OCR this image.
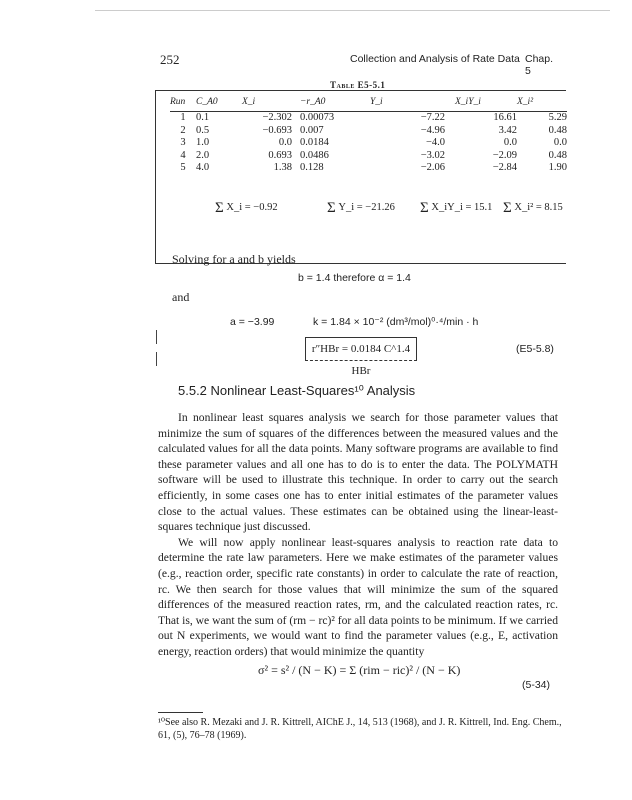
252	Collection and Analysis of Rate Data Chap. 5
Table E5-5.1
Run	C_A0	X_i	−r_A0	Y_i	X_iY_i	X_i²
1	0.1	−2.302	0.00073	−7.22	16.61	5.29
2	0.5	−0.693	0.007	−4.96	3.42	0.48
3	1.0	0.0	0.0184	−4.0	0.0	0.0
4	2.0	0.693	0.0486	−3.02	−2.09	0.48
5	4.0	1.38	0.128	−2.06	−2.84	1.90
Σ X_i = −0.92	Σ Y_i = −21.26 Σ X_iY_i = 15.1 Σ X_i² = 8.15
Solving for a and b yields
b = 1.4 therefore α = 1.4
and
a = −3.99	k = 1.84 × 10⁻² (dm³/mol)⁰·⁴/min · h
r″HBr = 0.0184 C^1.4 HBr
(E5-5.8)
5.5.2 Nonlinear Least-Squares¹⁰ Analysis

In nonlinear least squares analysis we search for those parameter values that minimize the sum of squares of the differences between the measured values and the calculated values for all the data points. Many software programs are available to find these parameter values and all one has to do is to enter the data. The POLYMATH software will be used to illustrate this technique. In order to carry out the search efficiently, in some cases one has to enter initial estimates of the parameter values close to the actual values. These estimates can be obtained using the linear-least-squares technique just discussed.

We will now apply nonlinear least-squares analysis to reaction rate data to determine the rate law parameters. Here we make estimates of the parameter values (e.g., reaction order, specific rate constants) in order to calculate the rate of reaction, rc. We then search for those values that will minimize the sum of the squared differences of the measured reaction rates, rm, and the calculated reaction rates, rc. That is, we want the sum of (rm − rc)² for all data points to be minimum. If we carried out N experiments, we would want to find the parameter values (e.g., E, activation energy, reaction orders) that would minimize the quantity

σ² = s² / (N − K) = Σ (rim − ric)² / (N − K)
(5-34)
¹⁰See also R. Mezaki and J. R. Kittrell, AIChE J., 14, 513 (1968), and J. R. Kittrell, Ind. Eng. Chem., 61, (5), 76–78 (1969).
